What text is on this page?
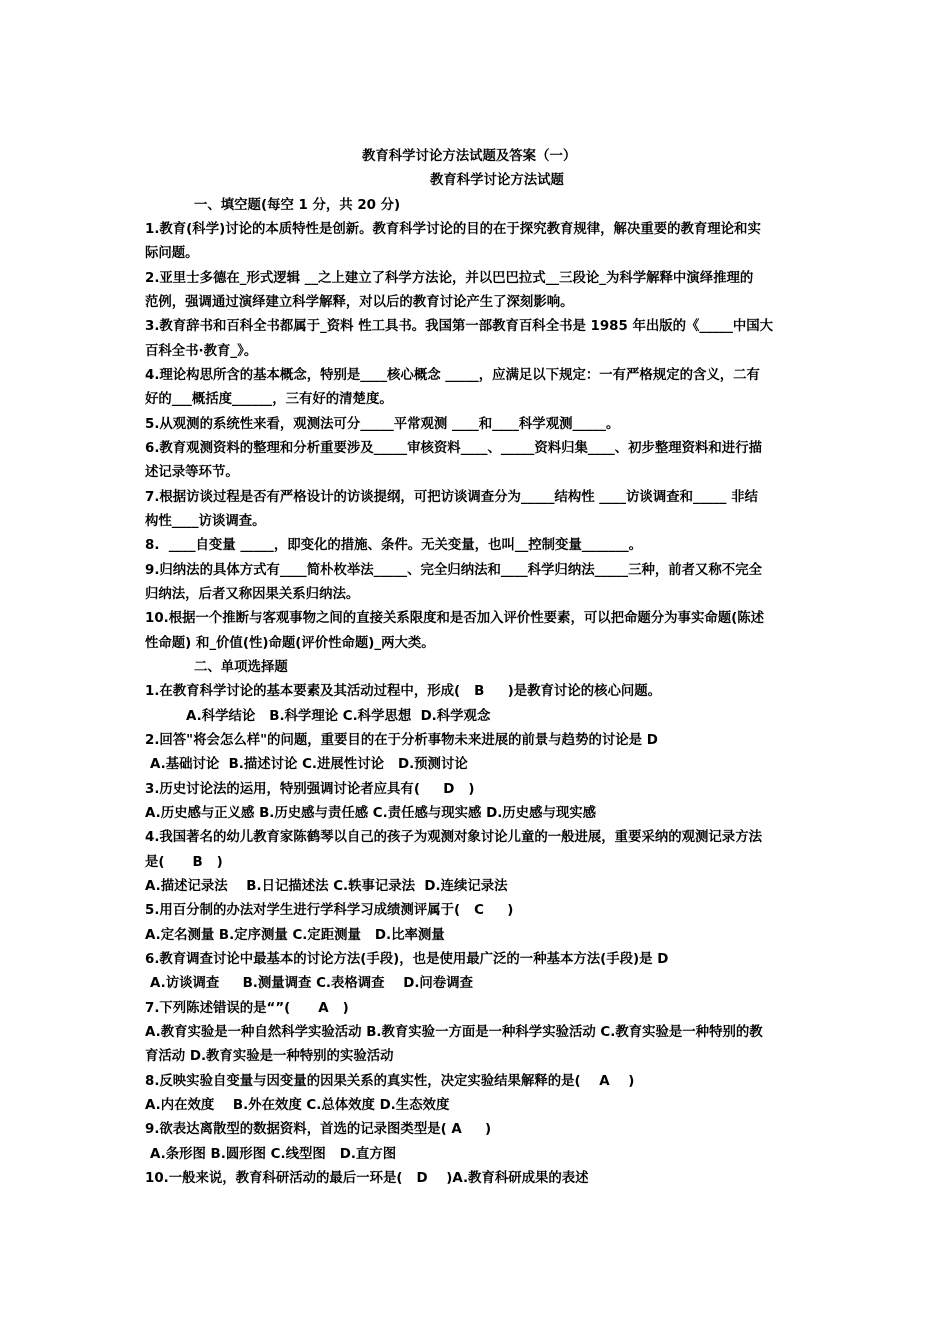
教育科学讨论方法试题及答案（一）
教育科学讨论方法试题
一、填空题(每空 1 分，共 20 分)
1.教育(科学)讨论的本质特性是创新。教育科学讨论的目的在于探究教育规律，解决重要的教育理论和实
际问题。
2.亚里士多德在_形式逻辑 __之上建立了科学方法论，并以巴巴拉式__三段论_为科学解释中演绎推理的
范例，强调通过演绎建立科学解释，对以后的教育讨论产生了深刻影响。
3.教育辞书和百科全书都属于_资料 性工具书。我国第一部教育百科全书是 1985 年出版的《_____中国大
百科全书·教育_》。
4.理论构思所含的基本概念，特别是____核心概念 _____，应满足以下规定：一有严格规定的含义，二有
好的___概括度______，三有好的清楚度。
5.从观测的系统性来看，观测法可分_____平常观测 ____和____科学观测_____。
6.教育观测资料的整理和分析重要涉及_____审核资料____、_____资料归集____、初步整理资料和进行描
述记录等环节。
7.根据访谈过程是否有严格设计的访谈提纲，可把访谈调查分为_____结构性 ____访谈调查和_____ 非结
构性____访谈调查。
8.  ____自变量 _____，即变化的措施、条件。无关变量，也叫__控制变量_______。
9.归纳法的具体方式有____简朴枚举法_____、完全归纳法和____科学归纳法_____三种，前者又称不完全
归纳法，后者又称因果关系归纳法。
10.根据一个推断与客观事物之间的直接关系限度和是否加入评价性要素，可以把命题分为事实命题(陈述
性命题) 和_价值(性)命题(评价性命题)_两大类。
二、单项选择题
1.在教育科学讨论的基本要素及其活动过程中，形成(   B     )是教育讨论的核心问题。
A.科学结论   B.科学理论 C.科学思想  D.科学观念
2.回答"将会怎么样"的问题，重要目的在于分析事物未来进展的前景与趋势的讨论是 D
A.基础讨论  B.描述讨论 C.进展性讨论   D.预测讨论
3.历史讨论法的运用，特别强调讨论者应具有(     D   )
A.历史感与正义感 B.历史感与责任感 C.责任感与现实感 D.历史感与现实感
4.我国著名的幼儿教育家陈鹤琴以自己的孩子为观测对象讨论儿童的一般进展，重要采纳的观测记录方法
是(      B   )
A.描述记录法    B.日记描述法 C.轶事记录法  D.连续记录法
5.用百分制的办法对学生进行学科学习成绩测评属于(   C     )
A.定名测量 B.定序测量 C.定距测量   D.比率测量
6.教育调查讨论中最基本的讨论方法(手段)，也是使用最广泛的一种基本方法(手段)是 D
A.访谈调查     B.测量调查 C.表格调查    D.问卷调查
7.下列陈述错误的是“”(      A   )
A.教育实验是一种自然科学实验活动 B.教育实验一方面是一种科学实验活动 C.教育实验是一种特别的教
育活动 D.教育实验是一种特别的实验活动
8.反映实验自变量与因变量的因果关系的真实性，决定实验结果解释的是(    A    )
A.内在效度    B.外在效度 C.总体效度 D.生态效度
9.欲表达离散型的数据资料，首选的记录图类型是( A     )
A.条形图 B.圆形图 C.线型图   D.直方图
10.一般来说，教育科研活动的最后一环是(   D    )A.教育科研成果的表述
